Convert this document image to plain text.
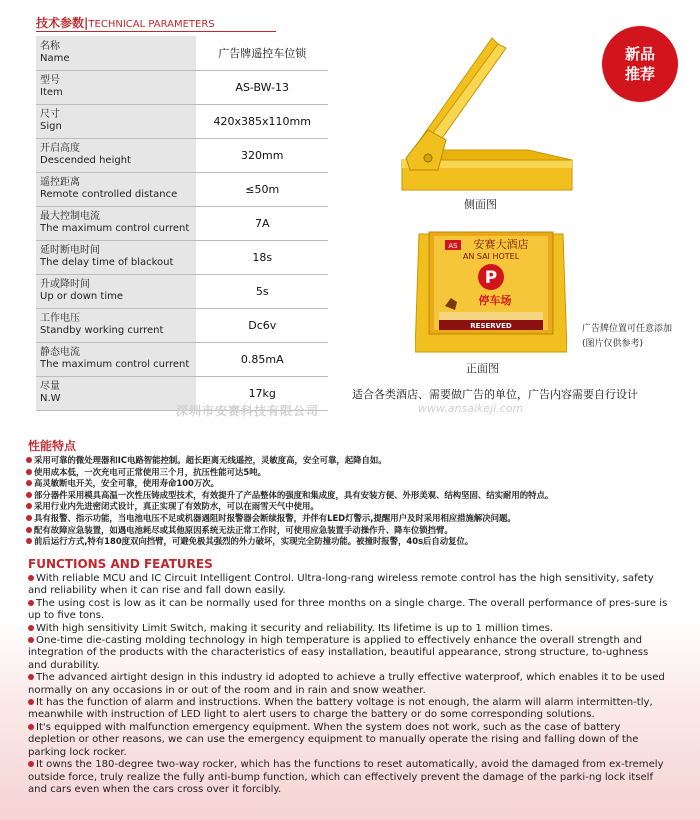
技术参数|TECHNICAL PARAMETERS
名称
Name	广告牌遥控车位锁

型号
Item	AS-BW-13

尺寸
Sign	420x385x110mm

开启高度
Descended height	320mm

遥控距离
Remote controlled distance	≤50m

最大控制电流
The maximum control current	7A

延时断电时间
The delay time of blackout	18s

升或降时间
Up or down time	5s

工作电压
Standby working current	Dc6v

静态电流
The maximum control current	0.85mA

尽量
N.W	17kg
深圳市安赛科技有限公司	www.ansaikeji.com
新品
推荐
侧面图
AS 安赛大酒店
AN SAI HOTEL
P
停车场
RESERVED
正面图
广告牌位置可任意添加
(图片仅供参考)
适合各类酒店、需要做广告的单位，广告内容需要自行设计
性能特点
采用可靠的微处理器和IC电路智能控制。超长距离无线遥控，灵敏度高，安全可靠，起降自如。
使用成本低，一次充电可正常使用三个月，抗压性能可达5吨。
高灵敏断电开关，安全可靠，使用寿命100万次。
部分器件采用模具高温一次性压铸成型技术，有效提升了产品整体的强度和集成度，具有安装方便、外形美观、结构坚固、结实耐用的特点。
采用行业内先进密闭式设计，真正实现了有效防水，可以在雨雪天气中使用。
具有报警、指示功能，当电池电压不足或机器遇阻时报警器会断续报警，并伴有LED灯警示,提醒用户及时采用相应措施解决问题。
配有故障应急装置，如遇电池耗尽或其他原因系统无法正常工作时，可使用应急装置手动操作升、降车位锁挡臂。
前后运行方式,特有180度双向挡臂，可避免极其强烈的外力破坏，实现完全防撞功能。被撞时报警，40s后自动复位。
FUNCTIONS AND FEATURES
With reliable MCU and IC Circuit Intelligent Control. Ultra-long-rang wireless remote control has the high sensitivity, safety and reliability when it can rise and fall down easily.
The using cost is low as it can be normally used for three months on a single charge. The overall performance of pres-sure is up to five tons.
With high sensitivity Limit Switch, making it security and reliability. Its lifetime is up to 1 million times.
One-time die-casting molding technology in high temperature is applied to effectively enhance the overall strength and integration of the products with the characteristics of easy installation, beautiful appearance, strong structure, to-ughness and durability.
The advanced airtight design in this industry id adopted to achieve a trully effective waterproof, which enables it to be used normally on any occasions in or out of the room and in rain and snow weather.
It has the function of alarm and instructions. When the battery voltage is not enough, the alarm will alarm intermitten-tly, meanwhile with instruction of LED light to alert users to charge the battery or do some corresponding solutions.
It's equipped with malfunction emergency equipment. When the system does not work, such as the case of battery depletion or other reasons, we can use the emergency equipment to manually operate the rising and falling down of the parking lock rocker.
It owns the 180-degree two-way rocker, which has the functions to reset automatically, avoid the damaged from ex-tremely outside force, truly realize the fully anti-bump function, which can effectively prevent the damage of the parki-ng lock itself and cars even when the cars cross over it forcibly.
